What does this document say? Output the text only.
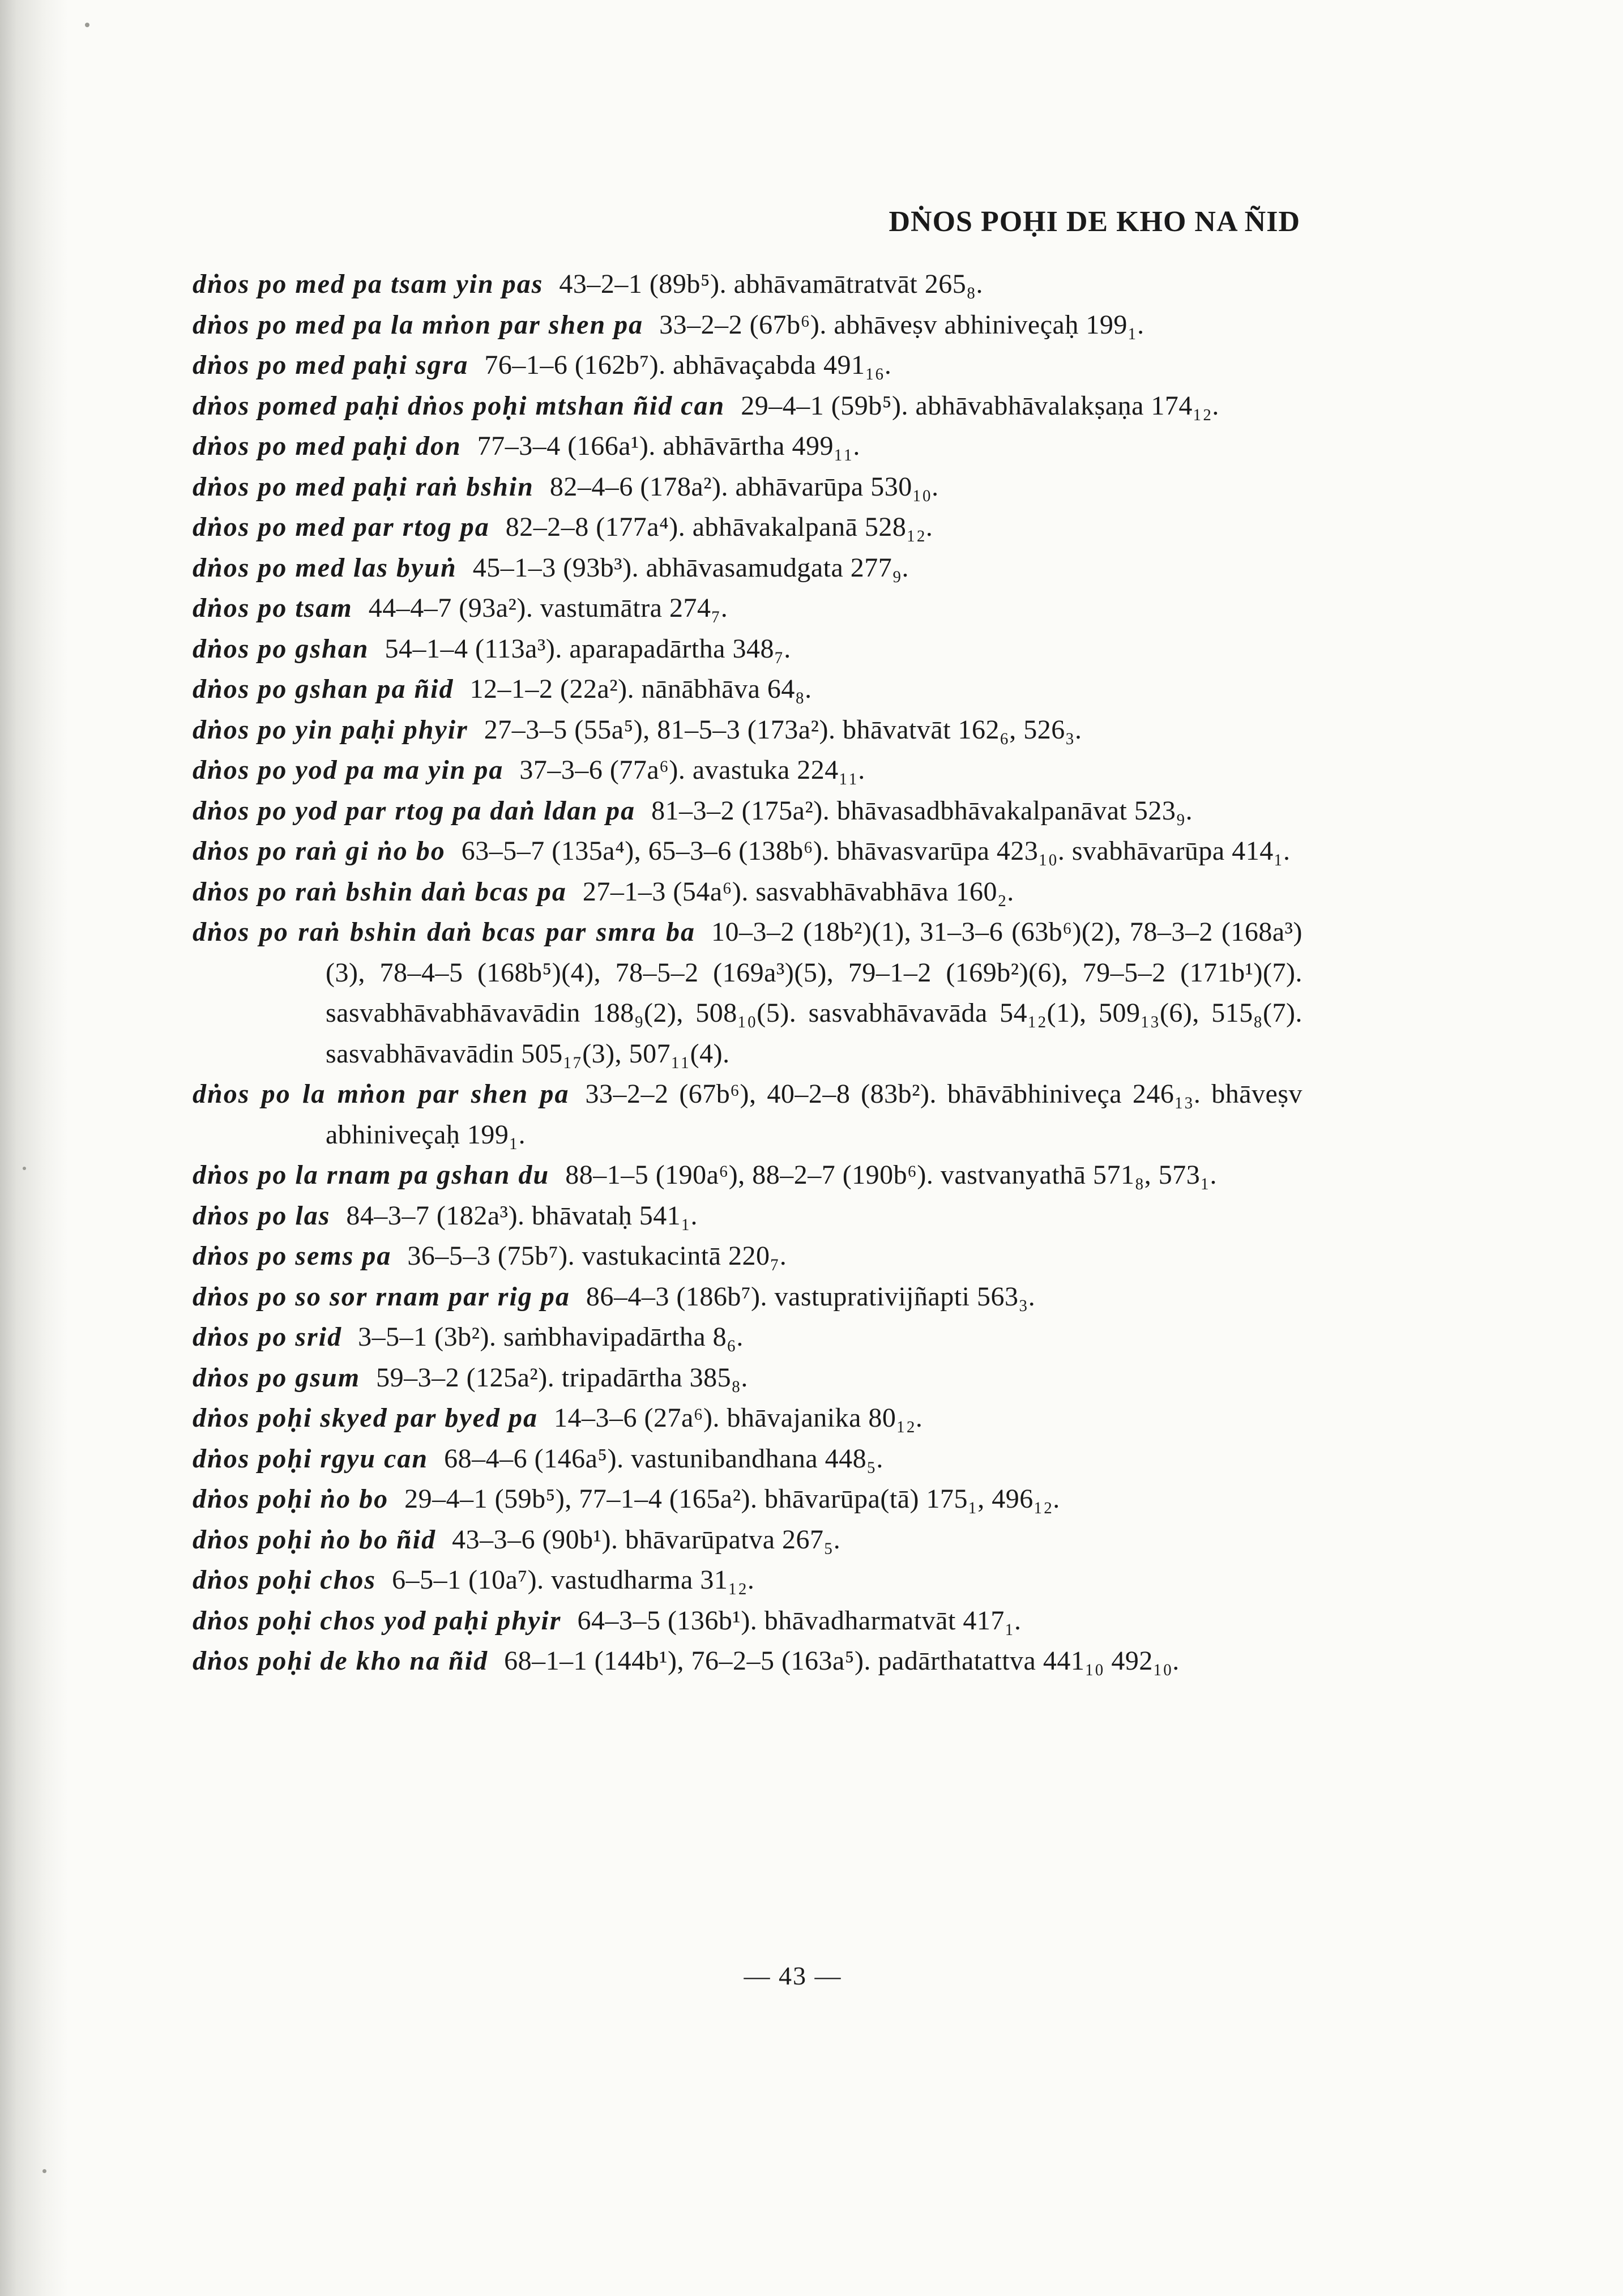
DṄOS POḤI DE KHO NA ÑID
dṅos po med pa tsam yin pas 43–2–1 (89b⁵). abhāvamātratvāt 265₈.
dṅos po med pa la mṅon par shen pa 33–2–2 (67b⁶). abhāveṣv abhiniveçaḥ 199₁.
dṅos po med paḥi sgra 76–1–6 (162b⁷). abhāvaçabda 491₁₆.
dṅos pomed paḥi dṅos poḥi mtshan ñid can 29–4–1 (59b⁵). abhāvabhāvalakṣaṇa 174₁₂.
dṅos po med paḥi don 77–3–4 (166a¹). abhāvārtha 499₁₁.
dṅos po med paḥi raṅ bshin 82–4–6 (178a²). abhāvarūpa 530₁₀.
dṅos po med par rtog pa 82–2–8 (177a⁴). abhāvakalpanā 528₁₂.
dṅos po med las byuṅ 45–1–3 (93b³). abhāvasamudgata 277₉.
dṅos po tsam 44–4–7 (93a²). vastumātra 274₇.
dṅos po gshan 54–1–4 (113a³). aparapadārtha 348₇.
dṅos po gshan pa ñid 12–1–2 (22a²). nānābhāva 64₈.
dṅos po yin paḥi phyir 27–3–5 (55a⁵), 81–5–3 (173a²). bhāvatvāt 162₆, 526₃.
dṅos po yod pa ma yin pa 37–3–6 (77a⁶). avastuka 224₁₁.
dṅos po yod par rtog pa daṅ ldan pa 81–3–2 (175a²). bhāvasadbhāvakalpanāvat 523₉.
dṅos po raṅ gi ṅo bo 63–5–7 (135a⁴), 65–3–6 (138b⁶). bhāvasvarūpa 423₁₀. svabhāvarūpa 414₁.
dṅos po raṅ bshin daṅ bcas pa 27–1–3 (54a⁶). sasvabhāvabhāva 160₂.
dṅos po raṅ bshin daṅ bcas par smra ba 10–3–2 (18b²)(1), 31–3–6 (63b⁶)(2), 78–3–2 (168a³)(3), 78–4–5 (168b⁵)(4), 78–5–2 (169a³)(5), 79–1–2 (169b²)(6), 79–5–2 (171b¹)(7). sasvabhāvabhāvavādin 188₉(2), 508₁₀(5). sasvabhāvavāda 54₁₂(1), 509₁₃(6), 515₈(7). sasvabhāvavādin 505₁₇(3), 507₁₁(4).
dṅos po la mṅon par shen pa 33–2–2 (67b⁶), 40–2–8 (83b²). bhāvābhiniveça 246₁₃. bhāveṣv abhiniveçaḥ 199₁.
dṅos po la rnam pa gshan du 88–1–5 (190a⁶), 88–2–7 (190b⁶). vastvanyathā 571₈, 573₁.
dṅos po las 84–3–7 (182a³). bhāvataḥ 541₁.
dṅos po sems pa 36–5–3 (75b⁷). vastukacintā 220₇.
dṅos po so sor rnam par rig pa 86–4–3 (186b⁷). vastuprativijñapti 563₃.
dṅos po srid 3–5–1 (3b²). saṁbhavipadārtha 8₆.
dṅos po gsum 59–3–2 (125a²). tripadārtha 385₈.
dṅos poḥi skyed par byed pa 14–3–6 (27a⁶). bhāvajanika 80₁₂.
dṅos poḥi rgyu can 68–4–6 (146a⁵). vastunibandhana 448₅.
dṅos poḥi ṅo bo 29–4–1 (59b⁵), 77–1–4 (165a²). bhāvarūpa(tā) 175₁, 496₁₂.
dṅos poḥi ṅo bo ñid 43–3–6 (90b¹). bhāvarūpatva 267₅.
dṅos poḥi chos 6–5–1 (10a⁷). vastudharma 31₁₂.
dṅos poḥi chos yod paḥi phyir 64–3–5 (136b¹). bhāvadharmatvāt 417₁.
dṅos poḥi de kho na ñid 68–1–1 (144b¹), 76–2–5 (163a⁵). padārthatattva 441₁₀ 492₁₀.
— 43 —
